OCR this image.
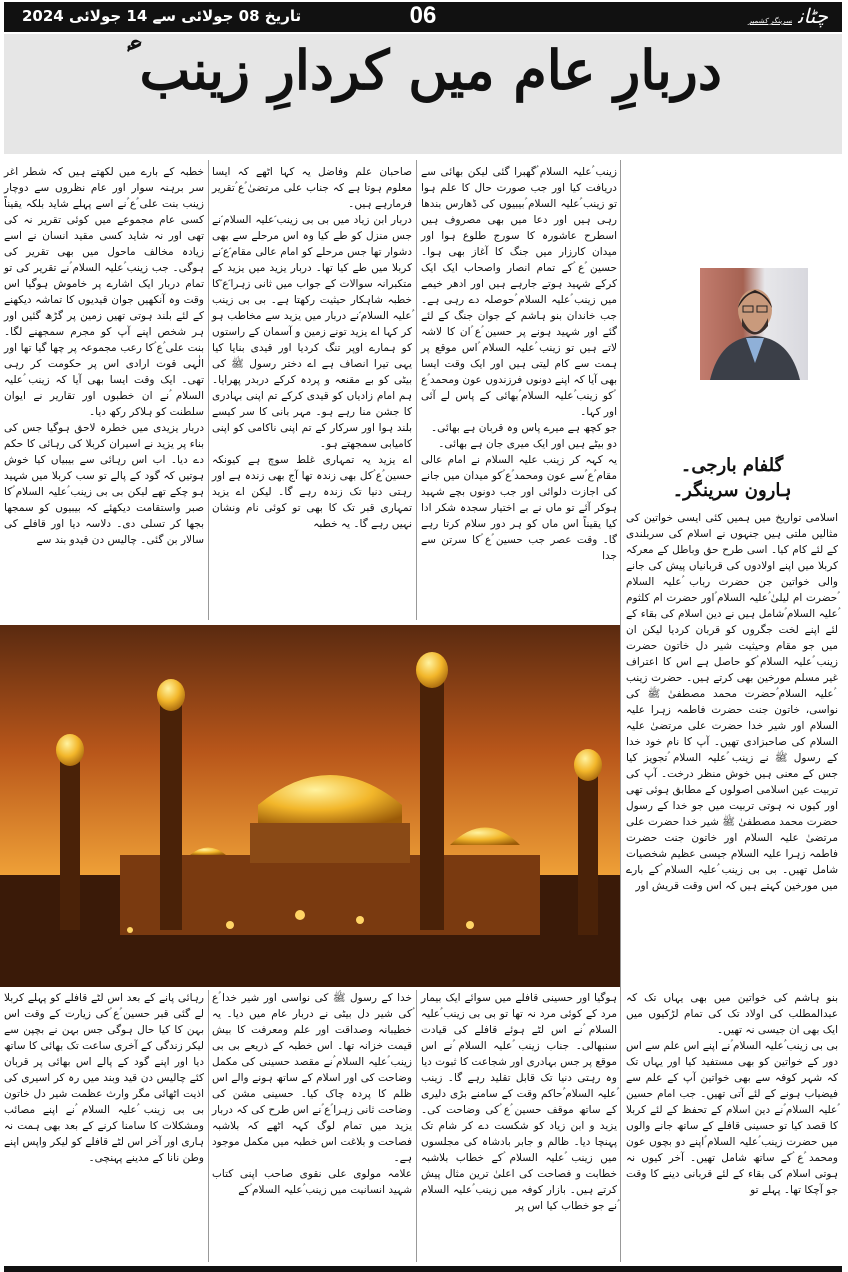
چٹانسرینگر کشمیر
06
تاریخ 08 جولائی سے 14 جولائی 2024
دربارِ عام میں کردارِ زینب ؑ
گلفام بارجی۔
ہارون سرینگر۔

اسلامی تواریخ میں ہمیں کئی ایسی خواتین کی مثالیں ملتی ہیں جنہوں نے اسلام کی سربلندی کے لئے کام کیا۔ اسی طرح حق وباطل کے معرکہ کربلا میں اپنے اولادوں کی قربانیاں پیش کی جانے والی خواتین جن حضرت رباب ؑعلیہ السلام ؑحضرت ام لیلیٰ ؑعلیہ السلام ؑاور حضرت ام کلثوم ؑعلیہ السلام ؑشامل ہیں نے دین اسلام کی بقاء کے لئے اپنے لخت جگروں کو قربان کردیا لیکن ان میں جو مقام وحیثیت شیر دل خاتون حضرت زینب ؑعلیہ السلام ؑکو حاصل ہے اس کا اعتراف غیر مسلم مورخین بھی کرتے ہیں۔ حضرت زینب ؑعلیہ السلام ؑحضرت محمد مصطفیٰ ﷺ کی نواسی، خاتون جنت حضرت فاطمہ زہرا علیہ السلام اور شیر خدا حضرت علی مرتضیٰ علیہ السلام کی صاحبزادی تھیں۔ آپ کا نام خود خدا کے رسول ﷺ نے زینب ؑعلیہ السلام ؑتجویز کیا جس کے معنی ہیں خوش منظر درخت۔ آپ کی تربیت عین اسلامی اصولوں کے مطابق ہوئی تھی اور کیوں نہ ہوتی تربیت میں جو خدا کے رسول حضرت محمد مصطفیٰ ﷺ شیر خدا حضرت علی مرتضیٰ علیہ السلام اور خاتون جنت حضرت فاطمہ زہرا علیہ السلام جیسی عظیم شخصیات شامل تھیں۔ بی بی زینب ؑعلیہ السلام ؑکے بارے میں مورخین کہتے ہیں کہ اس وقت قریش اور

بنو ہاشم کی خواتین میں بھی یہاں تک کہ عبدالمطلب کی اولاد تک کی تمام لڑکیوں میں ایک بھی ان جیسی نہ تھیں۔

بی بی زینب ؑعلیہ السلام ؑنے اپنے اس علم سے اس دور کے خواتین کو بھی مستفید کیا اور یہاں تک کہ شہر کوفہ سے بھی خواتین آپ کے علم سے فیضیاب ہونے کے لئے آتی تھیں۔ جب امام حسین ؑعلیہ السلام ؑنے دین اسلام کے تحفظ کے لئے کربلا کا قصد کیا تو حسینی قافلے کے ساتھ جانے والوں میں حضرت زینب ؑعلیہ السلام ؑاپنے دو بچوں عون ومحمد ؑع ؑکے ساتھ شامل تھیں۔ آخر کیوں نہ ہوتی اسلام کی بقاء کے لئے قربانی دینے کا وقت جو آچکا تھا۔ پہلے تو

زینب ؑعلیہ السلام ؑگھبرا گئی لیکن بھائی سے دریافت کیا اور جب صورت حال کا علم ہوا تو زینب ؑعلیہ السلام ؑبیبیوں کی ڈھارس بندھا رہی ہیں اور دعا میں بھی مصروف ہیں اسطرح عاشورہ کا سورج طلوع ہوا اور میدان کارزار میں جنگ کا آغاز بھی ہوا۔ حسین ؑع ؑکے تمام انصار واصحاب ایک ایک کرکے شہید ہوتے جارہے ہیں اور ادھر خیمے میں زینب ؑعلیہ السلام ؑحوصلہ دے رہی ہے۔ جب خاندان بنو ہاشم کے جوان جنگ کے لئے گئے اور شہید ہونے پر حسین ؑع ؑان کا لاشہ لاتے ہیں تو زینب ؑعلیہ السلام ؑاس موقع پر ہمت سے کام لیتی ہیں اور ایک وقت ایسا بھی آیا کہ اپنے دونوں فرزندوں عون ومحمد ؑع ؑکو زینب ؑعلیہ السلام ؑبھائی کے پاس لے آئی اور کہا۔

جو کچھ ہے میرے پاس وہ قربان ہے بھائی۔

دو بیٹے ہیں اور ایک میری جان ہے بھائی۔

یہ کہہ کر زینب علیہ السلام نے امام عالی مقام ؑع ؑسے عون ومحمد ؑع ؑکو میدان میں جانے کی اجازت دلوائی اور جب دونوں بچے شہید ہوکر آئے تو ماں نے بے اختیار سجدہ شکر ادا کیا یقیناً اس ماں کو ہر دور سلام کرتا رہے گا۔ وقت عصر جب حسین ؑع ؑکا سرتن سے جدا

صاحبان علم وفاضل یہ کہا اٹھے کہ ایسا معلوم ہوتا ہے کہ جناب علی مرتضیٰ ؑع ؑتقریر فرمارہے ہیں۔

دربار ابن زیاد میں بی بی زینب ؑعلیہ السلام ؑنے جس منزل کو طے کیا وہ اس مرحلے سے بھی دشوار تھا جس مرحلے کو امام عالی مقام ؑع ؑنے کربلا میں طے کیا تھا۔ دربار یزید میں یزید کے متکبرانہ سوالات کے جواب میں ثانی زہرا ؑع ؑکا خطبہ شاہکار حیثیت رکھتا ہے۔ بی بی زینب ؑعلیہ السلام ؑنے دربار میں یزید سے مخاطب ہو کر کہا اے یزید تونے زمین و آسمان کے راستوں کو ہمارے اوپر تنگ کردیا اور قیدی بنایا کیا یہی تیرا انصاف ہے اے دختر رسول ﷺ کی بیٹی کو بے مقنعہ و پردہ کرکے دربدر پھرایا۔ ہم امام زادیاں کو قیدی کرکے تم اپنی بہادری کا جشن منا رہے ہو۔ مہر بانی کا سر کیسے بلند ہوا اور سرکار کے تم اپنی ناکامی کو اپنی کامیابی سمجھتے ہو۔

اے یزید یہ تمہاری غلط سوچ ہے کیونکہ حسین ؑع ؑکل بھی زندہ تھا آج بھی زندہ ہے اور رہتی دنیا تک زندہ رہے گا۔ لیکن اے یزید تمہاری قبر تک کا بھی تو کوئی نام ونشان نہیں رہے گا۔ یہ خطبہ

خطبہ کے بارے میں لکھتے ہیں کہ شطر اغر سر برہنہ سوار اور عام نظروں سے دوچار زینب بنت علی ؑع ؑنے اسے پہلے شاید بلکہ یقیناً کسی عام مجموعے میں کوئی تقریر نہ کی تھی اور نہ شاید کسی مقید انسان نے اسے زیادہ مخالف ماحول میں بھی تقریر کی ہوگی۔ جب زینب ؑعلیہ السلام ؑنے تقریر کی تو تمام دربار ایک اشارے پر خاموش ہوگیا اس وقت وہ آنکھیں جوان قیدیوں کا تماشہ دیکھنے کے لئے بلند ہوتی تھیں زمین پر گڑھ گئیں اور ہر شخص اپنے آپ کو مجرم سمجھنے لگا۔ بنت علی ؑع ؑکا رعب مجموعہ پر چھا گیا تھا اور الٰہی قوت ارادی اس پر حکومت کر رہی تھی۔ ایک وقت ایسا بھی آیا کہ زینب ؑعلیہ السلام ؑنے ان خطبوں اور تقاریر نے ایوان سلطنت کو ہلاکر رکھ دیا۔

دربار یزیدی میں خطرہ لاحق ہوگیا جس کی بناء پر یزید نے اسیران کربلا کی رہائی کا حکم دے دیا۔ اب اس رہائی سے بیبیاں کیا خوش ہوتیں کہ گود کے پالے تو سب کربلا میں شہید ہو چکے تھے لیکن بی بی زینب ؑعلیہ السلام ؑکا صبر واستقامت دیکھئے کہ بیبیوں کو سمجھا بجھا کر تسلی دی۔ دلاسہ دیا اور قافلے کی سالار بن گئی۔ چالیس دن قیدو بند سے

ہوگیا اور حسینی قافلے میں سوائے ایک بیمار مرد کے کوئی مرد نہ تھا تو بی بی زینب ؑعلیہ السلام ؑنے اس لٹے ہوئے قافلے کی قیادت سنبھالی۔ جناب زینب ؑعلیہ السلام ؑنے اس موقع پر جس بہادری اور شجاعت کا ثبوت دیا وہ رہتی دنیا تک قابل تقلید رہے گا۔ زینب ؑعلیہ السلام ؑحاکم وقت کے سامنے بڑی دلیری کے ساتھ موقف حسین ؑع ؑکی وضاحت کی۔ یزید و ابن زیاد کو شکست دے کر شام تک پہنچا دیا۔ ظالم و جابر بادشاہ کی مجلسوں میں زینب ؑعلیہ السلام ؑکے خطاب بلاشبہ خطابت و فصاحت کی اعلیٰ ترین مثال پیش کرتے ہیں۔ بازار کوفہ میں زینب ؑعلیہ السلام ؑنے جو خطاب کیا اس پر

خدا کے رسول ﷺ کی نواسی اور شیر خدا ؑع ؑکی شیر دل بیٹی نے دربار عام میں دیا۔ یہ خطیبانہ وصداقت اور علم ومعرفت کا بیش قیمت خزانہ تھا۔ اس خطبہ کے ذریعے بی بی زینب ؑعلیہ السلام ؑنے مقصد حسینی کی مکمل وضاحت کی اور اسلام کے ساتھ ہونے والے اس ظلم کا پردہ چاک کیا۔ حسینی مشن کی وضاحت ثانی زہرا ؑع ؑنے اس طرح کی کہ دربار یزید میں تمام لوگ کہہ اٹھے کہ بلاشبہ فصاحت و بلاغت اس خطبہ میں مکمل موجود ہے۔

علامہ مولوی علی نقوی صاحب اپنی کتاب شہید انسانیت میں زینب ؑعلیہ السلام ؑکے

رہائی پانے کے بعد اس لٹے قافلے کو پہلے کربلا لے گئی قبر حسین ؑع ؑکی زیارت کے وقت اس بہن کا کیا حال ہوگی جس بہن نے بچپن سے لیکر زندگی کے آخری ساعت تک بھائی کا ساتھ دیا اور اپنے گود کے پالے اس بھائی پر قربان کئے چالیس دن قید وبند میں رہ کر اسیری کی اذیت اٹھائی مگر وارث عظمت شیر دل خاتون بی بی زینب ؑعلیہ السلام ؑنے اپنے مصائب ومشکلات کا سامنا کرنے کے بعد بھی ہمت نہ ہاری اور آخر اس لٹے قافلے کو لیکر واپس اپنے وطن نانا کے مدینے پہنچی۔
